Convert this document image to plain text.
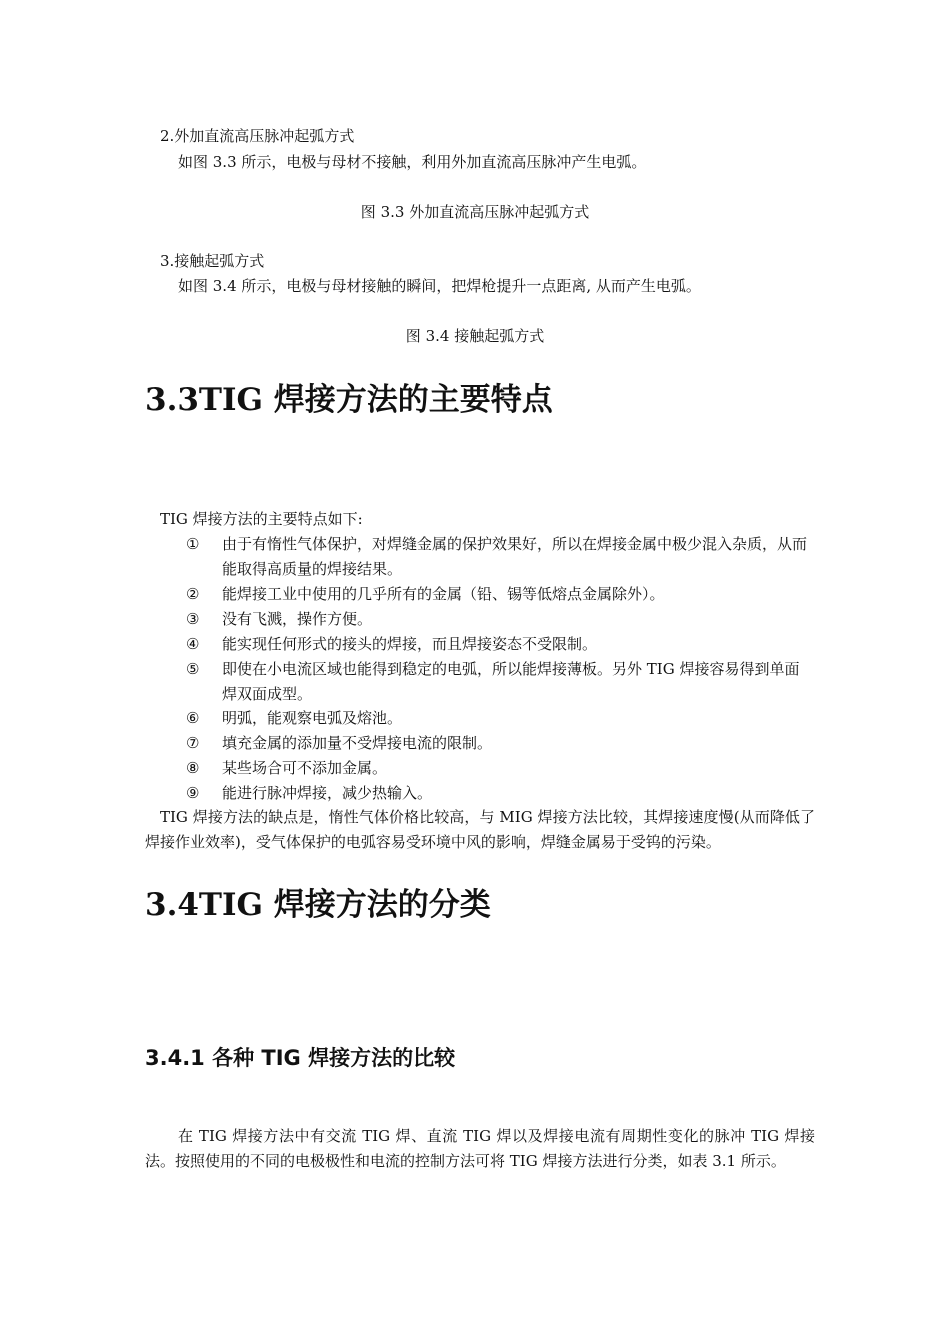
2.外加直流高压脉冲起弧方式
如图 3.3 所示，电极与母材不接触，利用外加直流高压脉冲产生电弧。
图 3.3 外加直流高压脉冲起弧方式
3.接触起弧方式
如图 3.4 所示，电极与母材接触的瞬间，把焊枪提升一点距离, 从而产生电弧。
图 3.4 接触起弧方式
3.3TIG 焊接方法的主要特点
TIG 焊接方法的主要特点如下:
① 由于有惰性气体保护，对焊缝金属的保护效果好，所以在焊接金属中极少混入杂质，从而能取得高质量的焊接结果。
② 能焊接工业中使用的几乎所有的金属（铅、锡等低熔点金属除外）。
③ 没有飞溅，操作方便。
④ 能实现任何形式的接头的焊接，而且焊接姿态不受限制。
⑤ 即使在小电流区域也能得到稳定的电弧，所以能焊接薄板。另外 TIG 焊接容易得到单面焊双面成型。
⑥ 明弧，能观察电弧及熔池。
⑦ 填充金属的添加量不受焊接电流的限制。
⑧ 某些场合可不添加金属。
⑨ 能进行脉冲焊接，减少热输入。
TIG 焊接方法的缺点是，惰性气体价格比较高，与 MIG 焊接方法比较，其焊接速度慢(从而降低了焊接作业效率)，受气体保护的电弧容易受环境中风的影响，焊缝金属易于受钨的污染。
3.4TIG 焊接方法的分类
3.4.1 各种 TIG 焊接方法的比较
在 TIG 焊接方法中有交流 TIG 焊、直流 TIG 焊以及焊接电流有周期性变化的脉冲 TIG 焊接法。按照使用的不同的电极极性和电流的控制方法可将 TIG 焊接方法进行分类，如表 3.1 所示。
